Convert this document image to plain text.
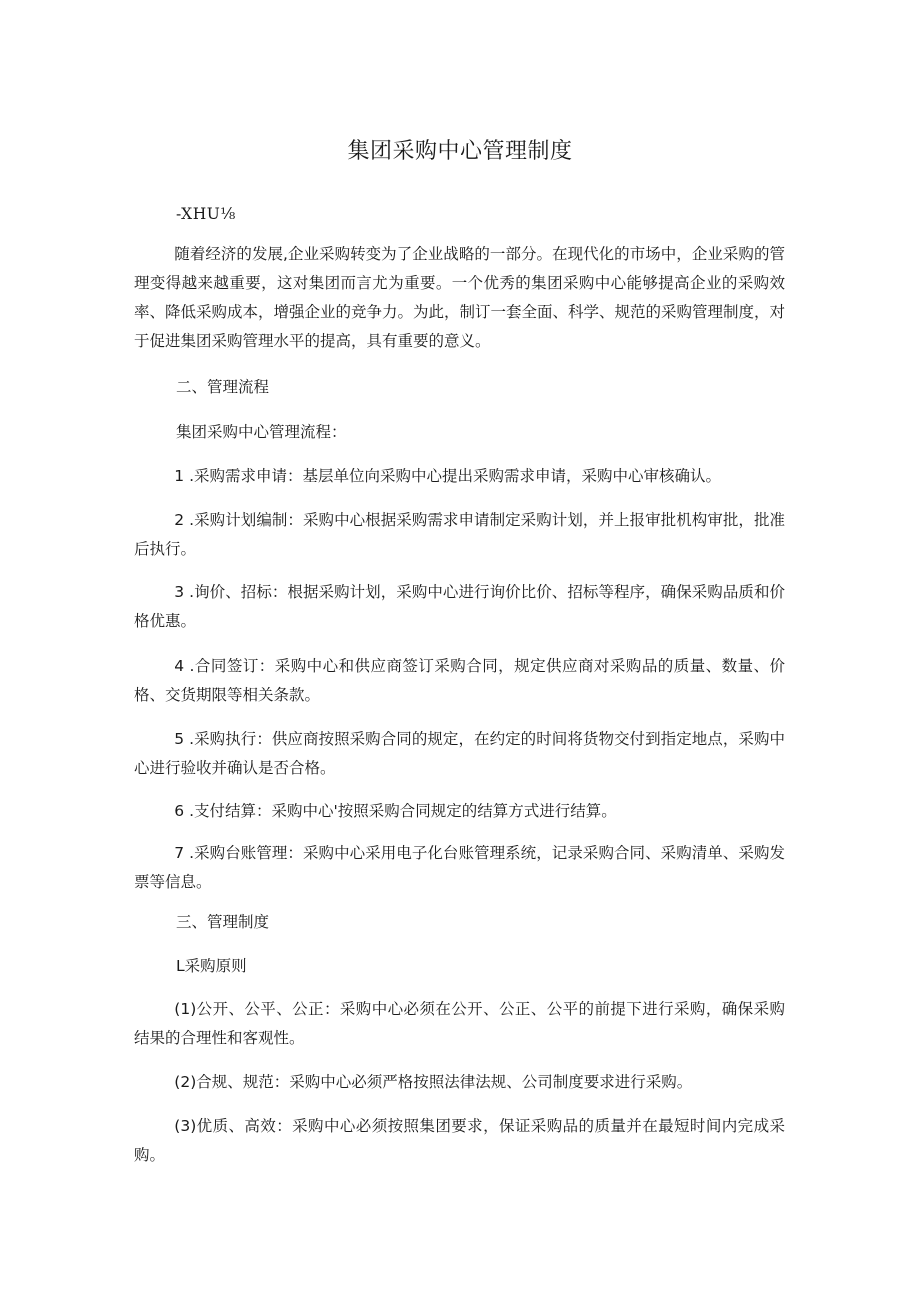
集团采购中心管理制度

-XHU⅛

随着经济的发展,企业采购转变为了企业战略的一部分。在现代化的市场中，企业采购的管理变得越来越重要，这对集团而言尤为重要。一个优秀的集团采购中心能够提高企业的采购效率、降低采购成本，增强企业的竞争力。为此，制订一套全面、科学、规范的采购管理制度，对于促进集团采购管理水平的提高，具有重要的意义。

二、管理流程

集团采购中心管理流程：

1 .采购需求申请：基层单位向采购中心提出采购需求申请，采购中心审核确认。

2 .采购计划编制：采购中心根据采购需求申请制定采购计划，并上报审批机构审批，批准后执行。

3 .询价、招标：根据采购计划，采购中心进行询价比价、招标等程序，确保采购品质和价格优惠。

4 .合同签订：采购中心和供应商签订采购合同，规定供应商对采购品的质量、数量、价格、交货期限等相关条款。

5 .采购执行：供应商按照采购合同的规定，在约定的时间将货物交付到指定地点，采购中心进行验收并确认是否合格。

6 .支付结算：采购中心'按照采购合同规定的结算方式进行结算。

7 .采购台账管理：采购中心采用电子化台账管理系统，记录采购合同、采购清单、采购发票等信息。

三、管理制度

L采购原则

(1)公开、公平、公正：采购中心必须在公开、公正、公平的前提下进行采购，确保采购结果的合理性和客观性。

(2)合规、规范：采购中心必须严格按照法律法规、公司制度要求进行采购。

(3)优质、高效：采购中心必须按照集团要求，保证采购品的质量并在最短时间内完成采购。
